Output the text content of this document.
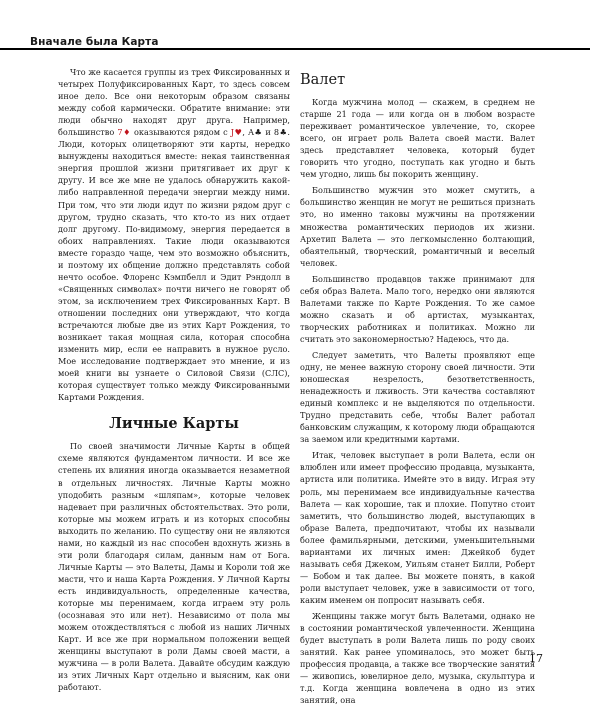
Вначале была Карта

Что же касается группы из трех Фиксированных и четырех Полуфиксированных Карт, то здесь совсем иное дело. Все они некоторым образом связаны между собой кармически. Обратите внимание: эти люди обычно находят друг друга. Например, большинство 7♦ оказываются рядом с J♥, A♣ и 8♣. Люди, которых олицетворяют эти карты, нередко вынуждены находиться вместе: некая таинственная энергия прошлой жизни притягивает их друг к другу. И все же мне не удалось обнаружить какой-либо направленной передачи энергии между ними. При том, что эти люди идут по жизни рядом друг с другом, трудно сказать, что кто-то из них отдает долг другому. По-видимому, энергия передается в обоих направлениях. Такие люди оказываются вместе гораздо чаще, чем это возможно объяснить, и поэтому их общение должно представлять собой нечто особое. Флоренс Кэмпбелл и Эдит Рэндолл в «Священных символах» почти ничего не говорят об этом, за исключением трех Фиксированных Карт. В отношении последних они утверждают, что когда встречаются любые две из этих Карт Рождения, то возникает такая мощная сила, которая способна изменить мир, если ее направить в нужное русло. Мое исследование подтверждает это мнение, и из моей книги вы узнаете о Силовой Связи (СЛС), которая существует только между Фиксированными Картами Рождения.

Личные Карты

По своей значимости Личные Карты в общей схеме являются фундаментом личности. И все же степень их влияния иногда оказывается незаметной в отдельных личностях. Личные Карты можно уподобить разным «шляпам», которые человек надевает при различных обстоятельствах. Это роли, которые мы можем играть и из которых способны выходить по желанию. По существу они не являются нами, но каждый из нас способен вдохнуть жизнь в эти роли благодаря силам, данным нам от Бога. Личные Карты — это Валеты, Дамы и Короли той же масти, что и наша Карта Рождения. У Личной Карты есть индивидуальность, определенные качества, которые мы перенимаем, когда играем эту роль (осознавая это или нет). Независимо от пола мы можем отождествляться с любой из наших Личных Карт. И все же при нормальном положении вещей женщины выступают в роли Дамы своей масти, а мужчина — в роли Валета. Давайте обсудим каждую из этих Личных Карт отдельно и выясним, как они работают.

Валет

Когда мужчина молод — скажем, в среднем не старше 21 года — или когда он в любом возрасте переживает романтическое увлечение, то, скорее всего, он играет роль Валета своей масти. Валет здесь представляет человека, который будет говорить что угодно, поступать как угодно и быть чем угодно, лишь бы покорить женщину.

Большинство мужчин это может смутить, а большинство женщин не могут не решиться признать это, но именно таковы мужчины на протяжении множества романтических периодов их жизни. Архетип Валета — это легкомысленно болтающий, обаятельный, творческий, романтичный и веселый человек.

Большинство продавцов также принимают для себя образ Валета. Мало того, нередко они являются Валетами также по Карте Рождения. То же самое можно сказать и об артистах, музыкантах, творческих работниках и политиках. Можно ли считать это закономерностью? Надеюсь, что да.

Следует заметить, что Валеты проявляют еще одну, не менее важную сторону своей личности. Эти юношеская незрелость, безответственность, ненадежность и лживость. Эти качества составляют единый комплекс и не выделяются по отдельности. Трудно представить себе, чтобы Валет работал банковским служащим, к которому люди обращаются за заемом или кредитными картами.

Итак, человек выступает в роли Валета, если он влюблен или имеет профессию продавца, музыканта, артиста или политика. Имейте это в виду. Играя эту роль, мы перенимаем все индивидуальные качества Валета — как хорошие, так и плохие. Попутно стоит заметить, что большинство людей, выступающих в образе Валета, предпочитают, чтобы их называли более фамильярными, детскими, уменьшительными вариантами их личных имен: Джейкоб будет называть себя Джеком, Уильям станет Билли, Роберт — Бобом и так далее. Вы можете понять, в какой роли выступает человек, уже в зависимости от того, каким именем он попросит называть себя.

Женщины также могут быть Валетами, однако не в состоянии романтической увлеченности. Женщина будет выступать в роли Валета лишь по роду своих занятий. Как ранее упоминалось, это может быть профессия продавца, а также все творческие занятия — живопись, ювелирное дело, музыка, скульптура и т.д. Когда женщина вовлечена в одно из этих занятий, она

17
